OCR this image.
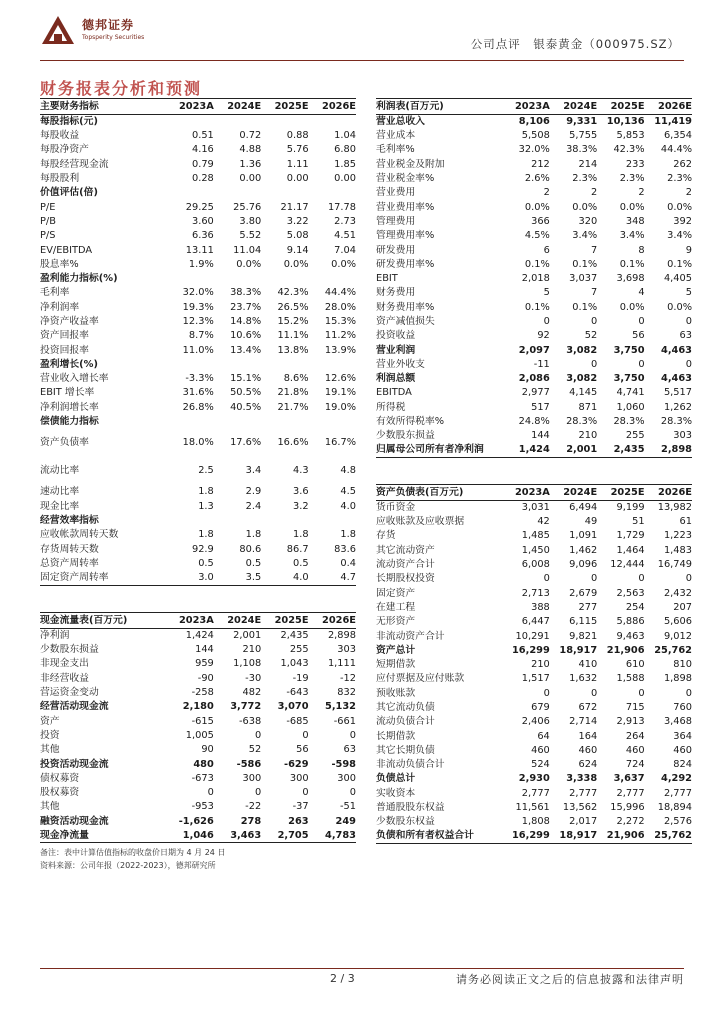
德邦证券
Topsperity Securities	公司点评　银泰黄金（000975.SZ）
财务报表分析和预测
主要财务指标	2023A	2024E	2025E	2026E
每股指标(元)				
每股收益	0.51	0.72	0.88	1.04
每股净资产	4.16	4.88	5.76	6.80
每股经营现金流	0.79	1.36	1.11	1.85
每股股利	0.28	0.00	0.00	0.00
价值评估(倍)				
P/E	29.25	25.76	21.17	17.78
P/B	3.60	3.80	3.22	2.73
P/S	6.36	5.52	5.08	4.51
EV/EBITDA	13.11	11.04	9.14	7.04
股息率%	1.9%	0.0%	0.0%	0.0%
盈利能力指标(%)				
毛利率	32.0%	38.3%	42.3%	44.4%
净利润率	19.3%	23.7%	26.5%	28.0%
净资产收益率	12.3%	14.8%	15.2%	15.3%
资产回报率	8.7%	10.6%	11.1%	11.2%
投资回报率	11.0%	13.4%	13.8%	13.9%
盈利增长(%)				
营业收入增长率	-3.3%	15.1%	8.6%	12.6%
EBIT 增长率	31.6%	50.5%	21.8%	19.1%
净利润增长率	26.8%	40.5%	21.7%	19.0%
偿债能力指标				
资产负债率	18.0%	17.6%	16.6%	16.7%
流动比率	2.5	3.4	4.3	4.8
速动比率	1.8	2.9	3.6	4.5
现金比率	1.3	2.4	3.2	4.0
经营效率指标				
应收帐款周转天数	1.8	1.8	1.8	1.8
存货周转天数	92.9	80.6	86.7	83.6
总资产周转率	0.5	0.5	0.5	0.4
固定资产周转率	3.0	3.5	4.0	4.7
利润表(百万元)	2023A	2024E	2025E	2026E
营业总收入	8,106	9,331	10,136	11,419
营业成本	5,508	5,755	5,853	6,354
毛利率%	32.0%	38.3%	42.3%	44.4%
营业税金及附加	212	214	233	262
营业税金率%	2.6%	2.3%	2.3%	2.3%
营业费用	2	2	2	2
营业费用率%	0.0%	0.0%	0.0%	0.0%
管理费用	366	320	348	392
管理费用率%	4.5%	3.4%	3.4%	3.4%
研发费用	6	7	8	9
研发费用率%	0.1%	0.1%	0.1%	0.1%
EBIT	2,018	3,037	3,698	4,405
财务费用	5	7	4	5
财务费用率%	0.1%	0.1%	0.0%	0.0%
资产减值损失	0	0	0	0
投资收益	92	52	56	63
营业利润	2,097	3,082	3,750	4,463
营业外收支	-11	0	0	0
利润总额	2,086	3,082	3,750	4,463
EBITDA	2,977	4,145	4,741	5,517
所得税	517	871	1,060	1,262
有效所得税率%	24.8%	28.3%	28.3%	28.3%
少数股东损益	144	210	255	303
归属母公司所有者净利润	1,424	2,001	2,435	2,898
资产负债表(百万元)	2023A	2024E	2025E	2026E
货币资金	3,031	6,494	9,199	13,982
应收账款及应收票据	42	49	51	61
存货	1,485	1,091	1,729	1,223
其它流动资产	1,450	1,462	1,464	1,483
流动资产合计	6,008	9,096	12,444	16,749
长期股权投资	0	0	0	0
固定资产	2,713	2,679	2,563	2,432
在建工程	388	277	254	207
无形资产	6,447	6,115	5,886	5,606
非流动资产合计	10,291	9,821	9,463	9,012
资产总计	16,299	18,917	21,906	25,762
短期借款	210	410	610	810
应付票据及应付账款	1,517	1,632	1,588	1,898
预收账款	0	0	0	0
其它流动负债	679	672	715	760
流动负债合计	2,406	2,714	2,913	3,468
长期借款	64	164	264	364
其它长期负债	460	460	460	460
非流动负债合计	524	624	724	824
负债总计	2,930	3,338	3,637	4,292
实收资本	2,777	2,777	2,777	2,777
普通股股东权益	11,561	13,562	15,996	18,894
少数股东权益	1,808	2,017	2,272	2,576
负债和所有者权益合计	16,299	18,917	21,906	25,762
现金流量表(百万元)	2023A	2024E	2025E	2026E
净利润	1,424	2,001	2,435	2,898
少数股东损益	144	210	255	303
非现金支出	959	1,108	1,043	1,111
非经营收益	-90	-30	-19	-12
营运资金变动	-258	482	-643	832
经营活动现金流	2,180	3,772	3,070	5,132
资产	-615	-638	-685	-661
投资	1,005	0	0	0
其他	90	52	56	63
投资活动现金流	480	-586	-629	-598
债权募资	-673	300	300	300
股权募资	0	0	0	0
其他	-953	-22	-37	-51
融资活动现金流	-1,626	278	263	249
现金净流量	1,046	3,463	2,705	4,783
备注：表中计算估值指标的收盘价日期为 4 月 24 日
资料来源：公司年报（2022-2023），德邦研究所
2 / 3	请务必阅读正文之后的信息披露和法律声明
